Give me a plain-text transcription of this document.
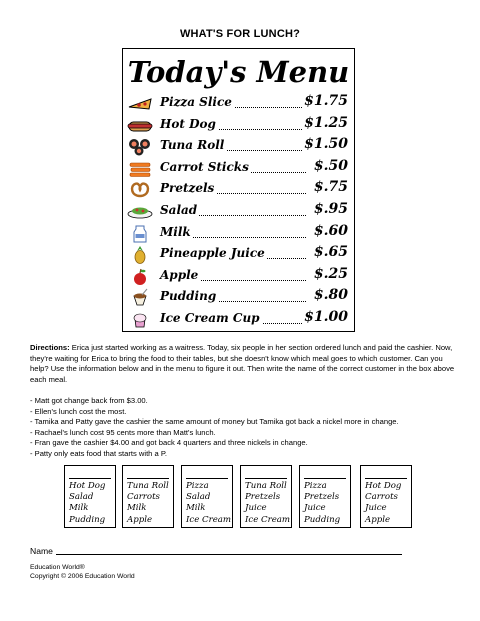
WHAT'S FOR LUNCH?
Today's Menu
Pizza Slice	$1.75
Hot Dog	$1.25
Tuna Roll	$1.50
Carrot Sticks	$.50
Pretzels	$.75
Salad	$.95
Milk	$.60
Pineapple Juice	$.65
Apple	$.25
Pudding	$.80
Ice Cream Cup	$1.00
Directions: Erica just started working as a waitress. Today, six people in her section ordered lunch and paid the cashier. Now, they're waiting for Erica to bring the food to their tables, but she doesn't know which meal goes to which customer. Can you help? Use the information below and in the menu to figure it out. Then write the name of the correct customer in the box above each meal.
- Matt got change back from $3.00.
- Ellen's lunch cost the most.
- Tamika and Patty gave the cashier the same amount of money but Tamika got back a nickel more in change.
- Rachael's lunch cost 95 cents more than Matt's lunch.
- Fran gave the cashier $4.00 and got back 4 quarters and three nickels in change.
- Patty only eats food that starts with a P.
Hot Dog
Salad
Milk
Pudding
Tuna Roll
Carrots
Milk
Apple
Pizza
Salad
Milk
Ice Cream
Tuna Roll
Pretzels
Juice
Ice Cream
Pizza
Pretzels
Juice
Pudding
Hot Dog
Carrots
Juice
Apple
Name
Education World®
Copyright © 2006 Education World
